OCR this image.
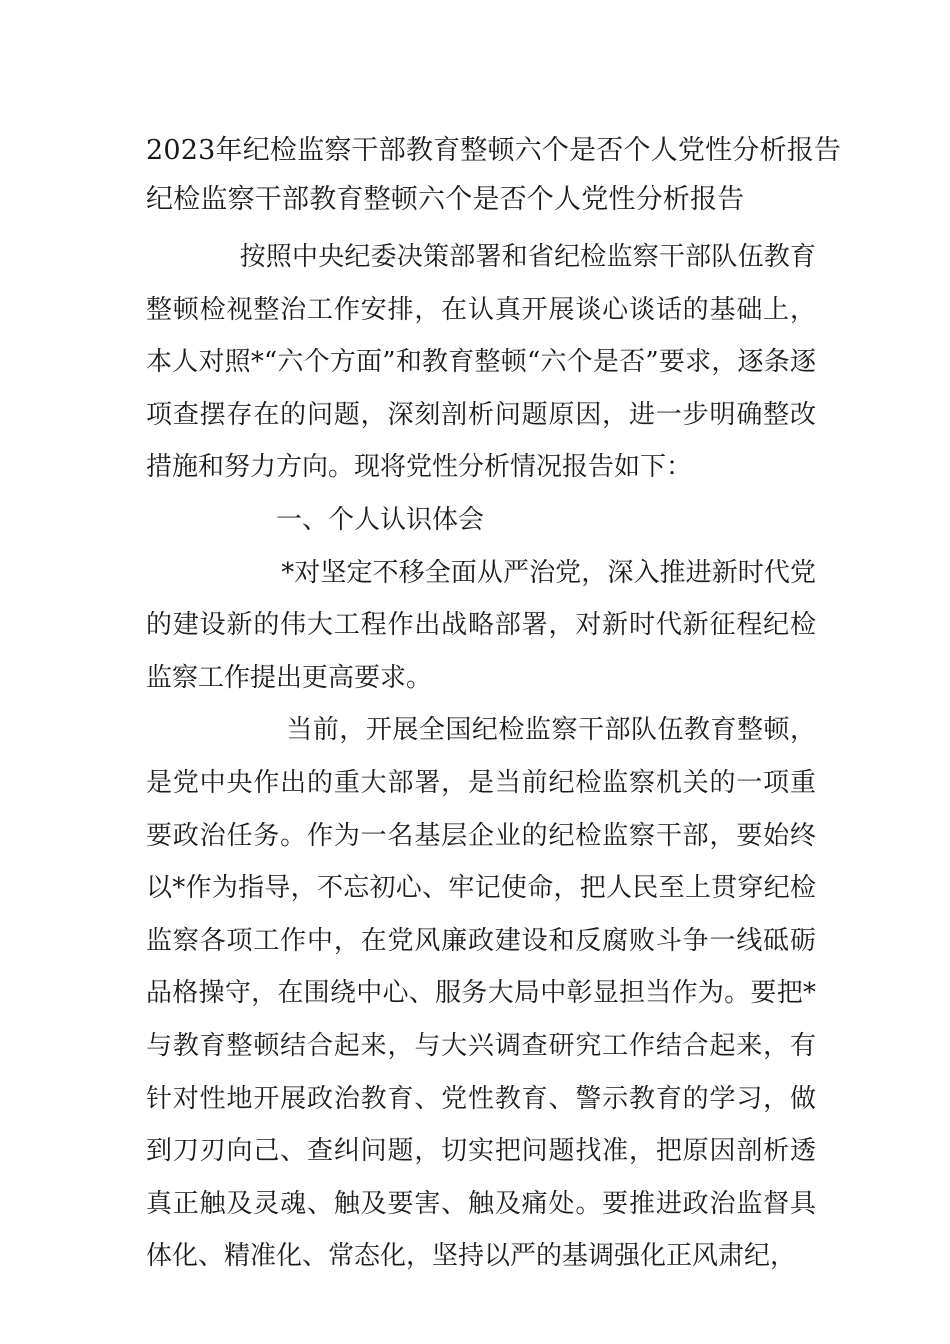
2023年纪检监察干部教育整顿六个是否个人党性分析报告
纪检监察干部教育整顿六个是否个人党性分析报告

按照中央纪委决策部署和省纪检监察干部队伍教育整顿检视整治工作安排，在认真开展谈心谈话的基础上，本人对照*“六个方面”和教育整顿“六个是否”要求，逐条逐项查摆存在的问题，深刻剖析问题原因，进一步明确整改措施和努力方向。现将党性分析情况报告如下：

一、个人认识体会

*对坚定不移全面从严治党，深入推进新时代党的建设新的伟大工程作出战略部署，对新时代新征程纪检监察工作提出更高要求。

当前，开展全国纪检监察干部队伍教育整顿，是党中央作出的重大部署，是当前纪检监察机关的一项重要政治任务。作为一名基层企业的纪检监察干部，要始终以*作为指导，不忘初心、牢记使命，把人民至上贯穿纪检监察各项工作中，在党风廉政建设和反腐败斗争一线砥砺品格操守，在围绕中心、服务大局中彰显担当作为。要把*与教育整顿结合起来，与大兴调查研究工作结合起来，有针对性地开展政治教育、党性教育、警示教育的学习，做到刀刃向己、查纠问题，切实把问题找准，把原因剖析透真正触及灵魂、触及要害、触及痛处。要推进政治监督具体化、精准化、常态化，坚持以严的基调强化正风肃纪，
